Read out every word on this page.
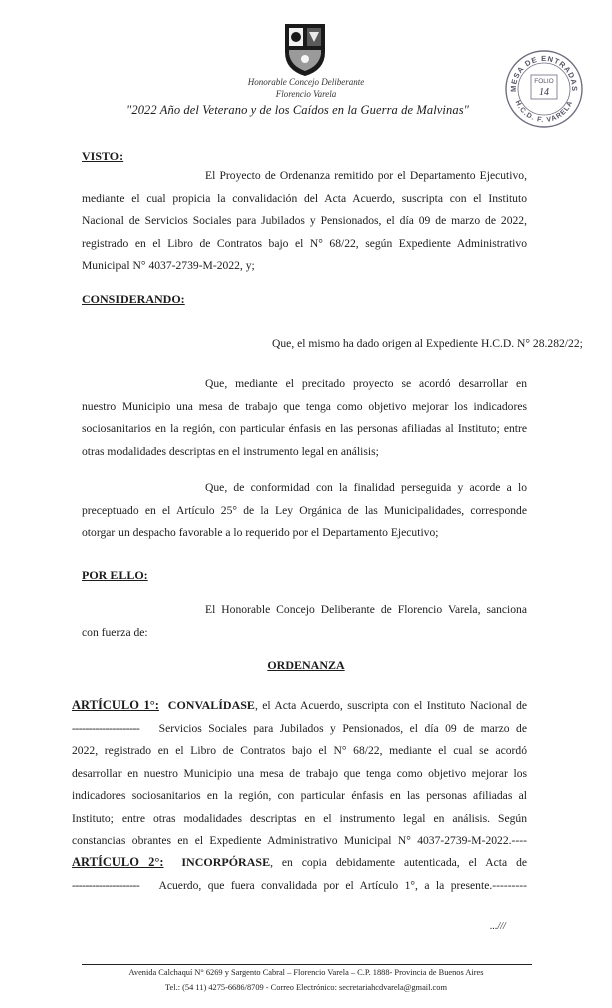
Honorable Concejo Deliberante
Florencio Varela
"2022 Año del Veterano y de los Caídos en la Guerra de Malvinas"
MESA DE ENTRADAS
H.C.D. F. VARELA
FOLIO
14
VISTO:
El Proyecto de Ordenanza remitido por el Departamento Ejecutivo,
mediante el cual propicia la convalidación del Acta Acuerdo, suscripta con el Instituto
Nacional de Servicios Sociales para Jubilados y Pensionados, el día 09 de marzo de 2022,
registrado en el Libro de Contratos bajo el N° 68/22, según Expediente Administrativo
Municipal N° 4037-2739-M-2022, y;
CONSIDERANDO:
Que, el mismo ha dado origen al Expediente H.C.D. N° 28.282/22;
Que, mediante el precitado proyecto se acordó desarrollar en
nuestro Municipio una mesa de trabajo que tenga como objetivo mejorar los indicadores
sociosanitarios en la región, con particular énfasis en las personas afiliadas al Instituto; entre
otras modalidades descriptas en el instrumento legal en análisis;
Que, de conformidad con la finalidad perseguida y acorde a lo
preceptuado en el Artículo 25° de la Ley Orgánica de las Municipalidades, corresponde
otorgar un despacho favorable a lo requerido por el Departamento Ejecutivo;
POR ELLO:
El Honorable Concejo Deliberante de Florencio Varela, sanciona
con fuerza de:
ORDENANZA
ARTÍCULO 1°: CONVALÍDASE, el Acta Acuerdo, suscripta con el Instituto Nacional de
-------------------- Servicios Sociales para Jubilados y Pensionados, el día 09 de marzo de
2022, registrado en el Libro de Contratos bajo el N° 68/22, mediante el cual se acordó
desarrollar en nuestro Municipio una mesa de trabajo que tenga como objetivo mejorar los
indicadores sociosanitarios en la región, con particular énfasis en las personas afiliadas al
Instituto; entre otras modalidades descriptas en el instrumento legal en análisis. Según
constancias obrantes en el Expediente Administrativo Municipal N° 4037-2739-M-2022.----
ARTÍCULO 2°: INCORPÓRASE, en copia debidamente autenticada, el Acta de
-------------------- Acuerdo, que fuera convalidada por el Artículo 1°, a la presente.---------
...///
Avenida Calchaquí N° 6269 y Sargento Cabral – Florencio Varela – C.P. 1888- Provincia de Buenos Aires
Tel.: (54 11) 4275-6686/8709 - Correo Electrónico: secretariahcdvarela@gmail.com
